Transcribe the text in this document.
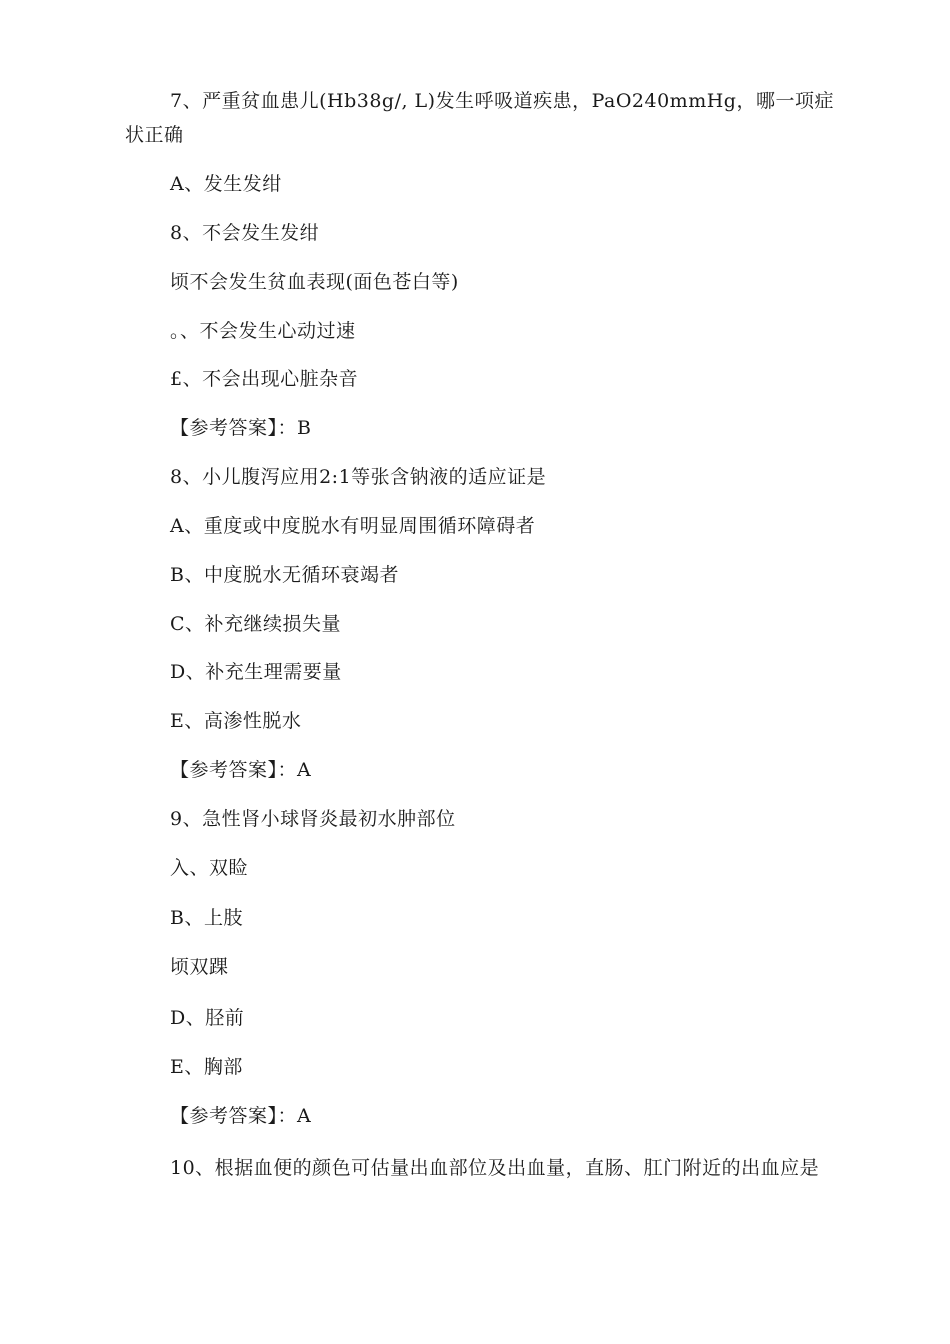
7、严重贫血患儿(Hb38g/, L)发生呼吸道疾患，PaO240mmHg，哪一项症状正确
A、发生发绀
8、不会发生发绀
顷不会发生贫血表现(面色苍白等)
。、不会发生心动过速
£、不会出现心脏杂音
【参考答案】：B
8、小儿腹泻应用2:1等张含钠液的适应证是
A、重度或中度脱水有明显周围循环障碍者
B、中度脱水无循环衰竭者
C、补充继续损失量
D、补充生理需要量
E、高渗性脱水
【参考答案】：A
9、急性肾小球肾炎最初水肿部位
入、双睑
B、上肢
顷双踝
D、胫前
E、胸部
【参考答案】：A
10、根据血便的颜色可估量出血部位及出血量，直肠、肛门附近的出血应是
